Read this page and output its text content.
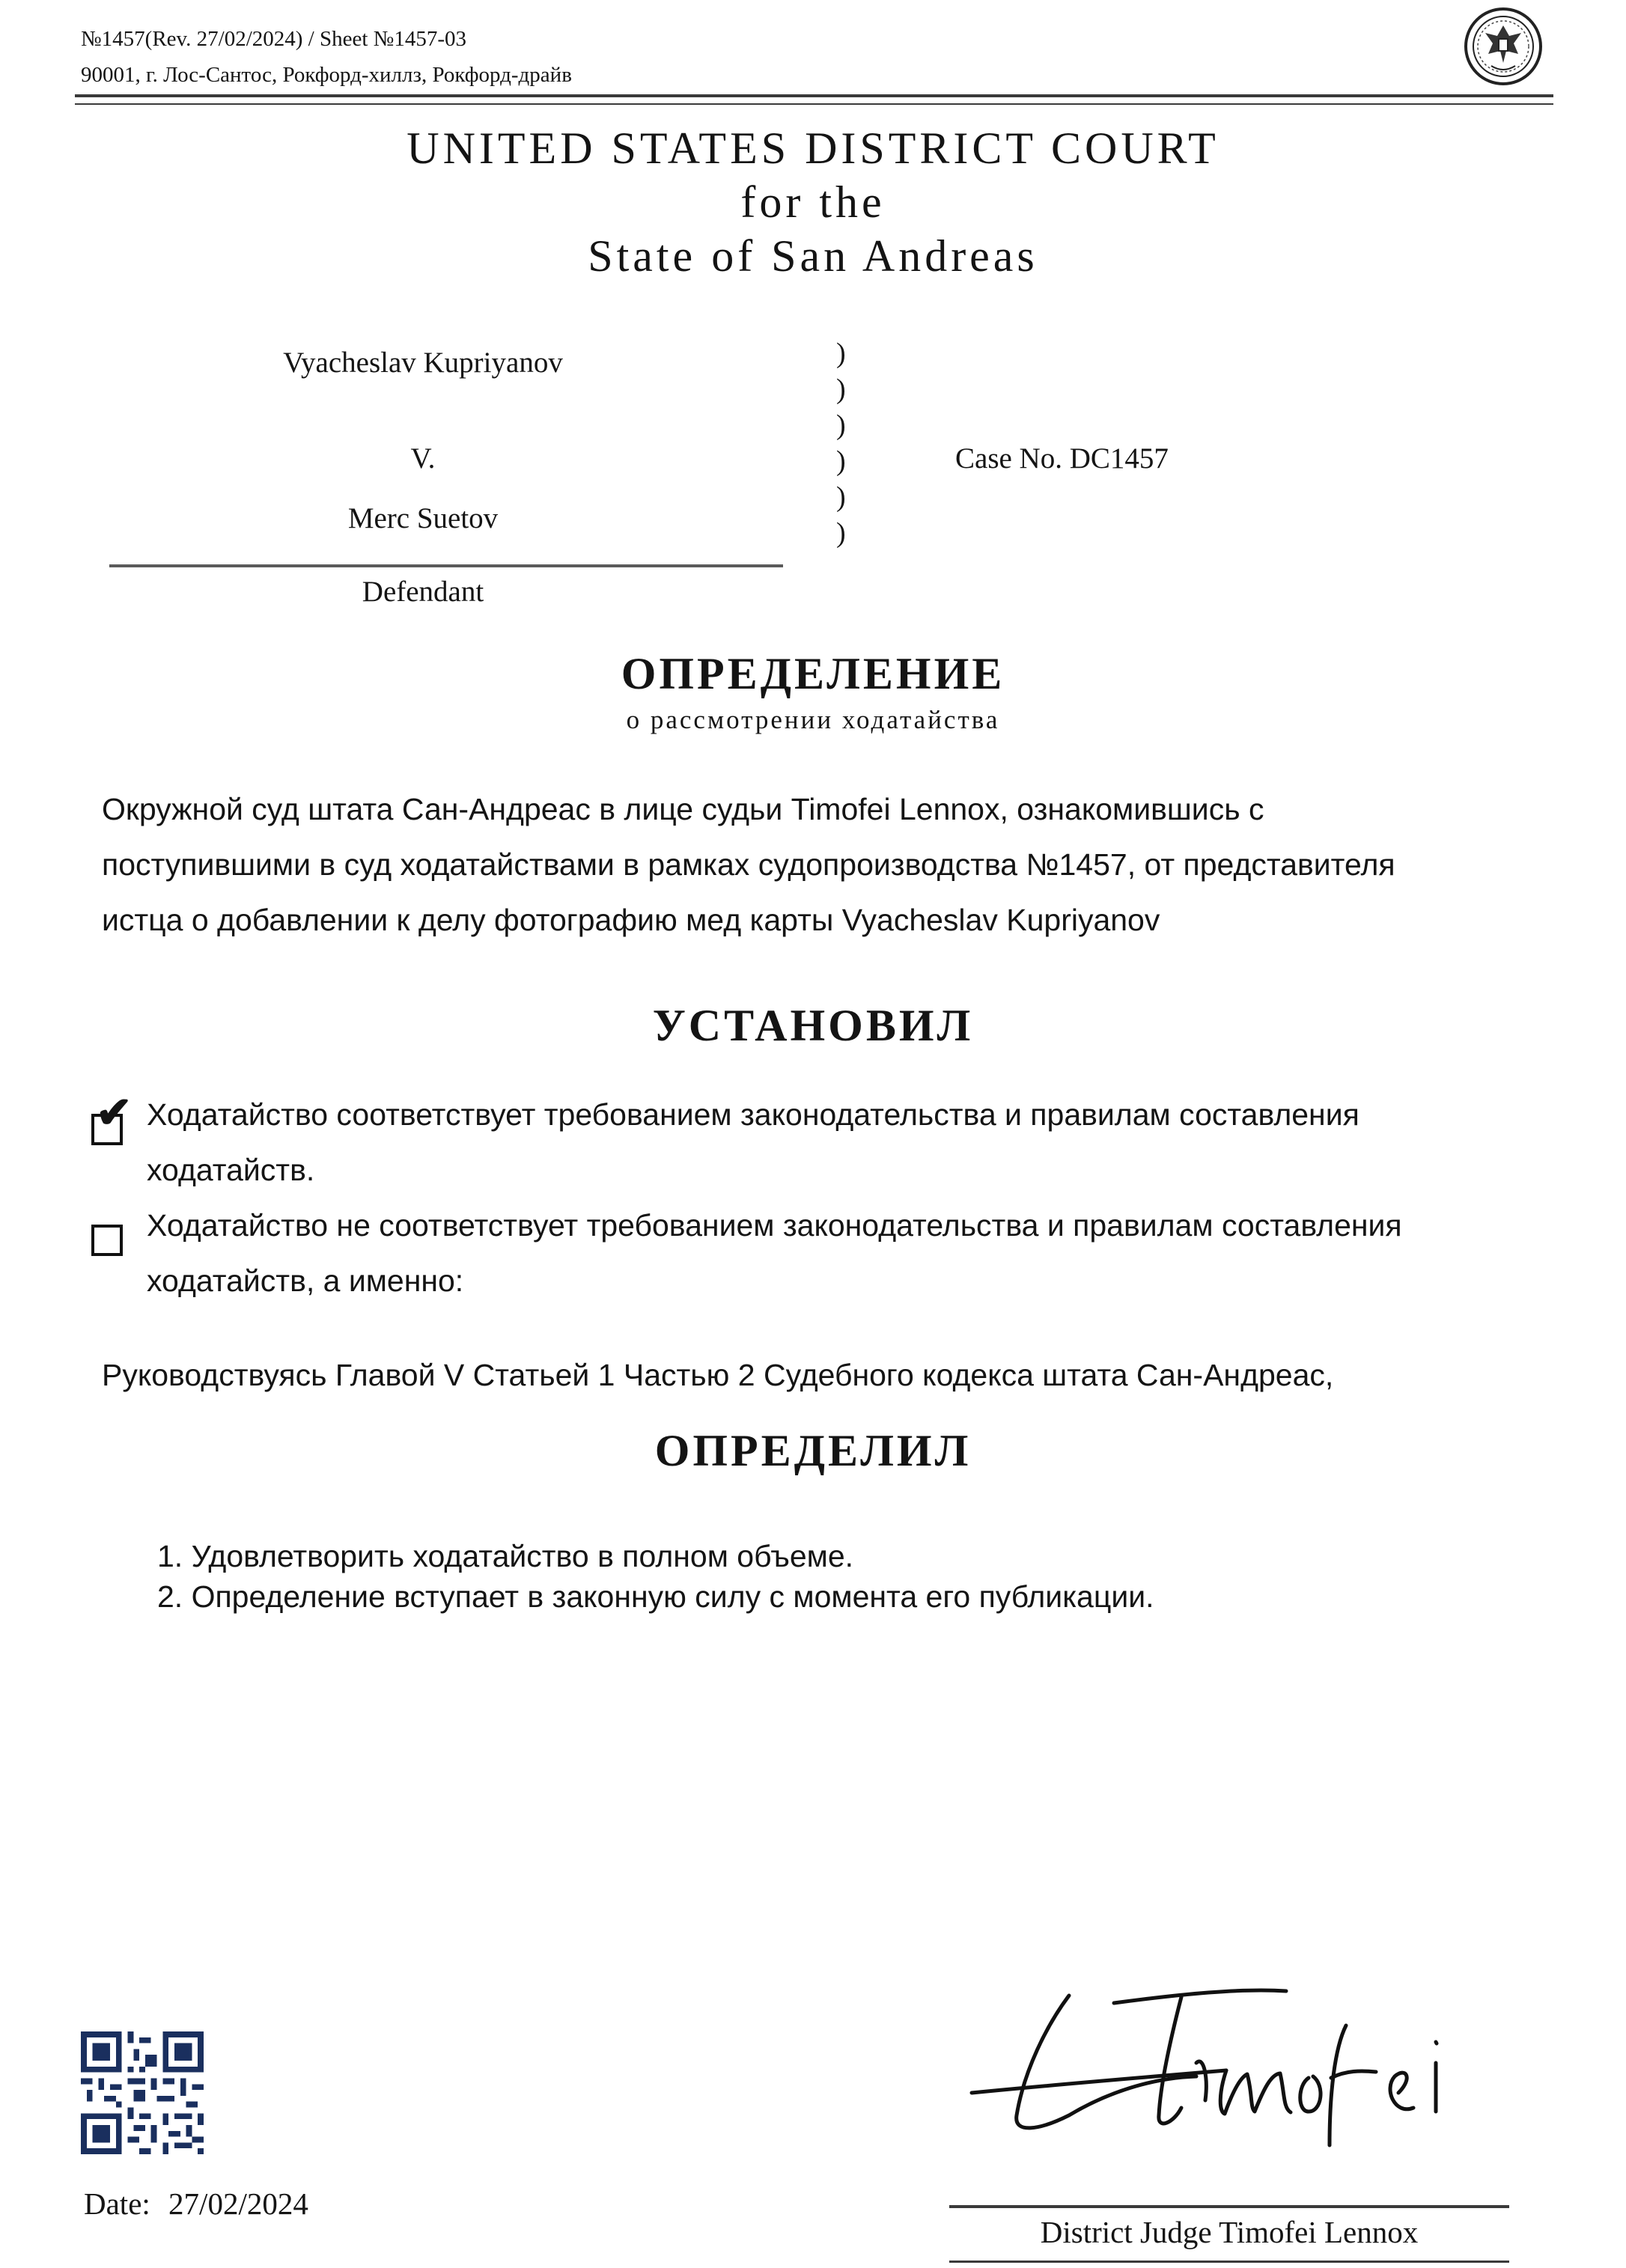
№1457(Rev. 27/02/2024) / Sheet №1457-03
90001, г. Лос-Сантос, Рокфорд-хиллз, Рокфорд-драйв
UNITED STATES DISTRICT COURT
for the
State of San Andreas
Vyacheslav Kupriyanov
V.
Merc Suetov
Defendant
)
)
)
)
)
)
Case No. DC1457
ОПРЕДЕЛЕНИЕ
о рассмотрении ходатайства
Окружной суд штата Сан-Андреас в лице судьи Timofei Lennox, ознакомившись с
поступившими в суд ходатайствами в рамках судопроизводства №1457, от представителя
истца о добавлении к делу фотографию мед карты Vyacheslav Kupriyanov
УСТАНОВИЛ
✔ Ходатайство соответствует требованием законодательства и правилам составления
ходатайств.
Ходатайство не соответствует требованием законодательства и правилам составления
ходатайств, а именно:
Руководствуясь Главой V Статьей 1 Частью 2 Судебного кодекса штата Сан-Андреас,
ОПРЕДЕЛИЛ
1. Удовлетворить ходатайство в полном объеме.
2. Определение вступает в законную силу с момента его публикации.
Date: 27/02/2024
District Judge Timofei Lennox
